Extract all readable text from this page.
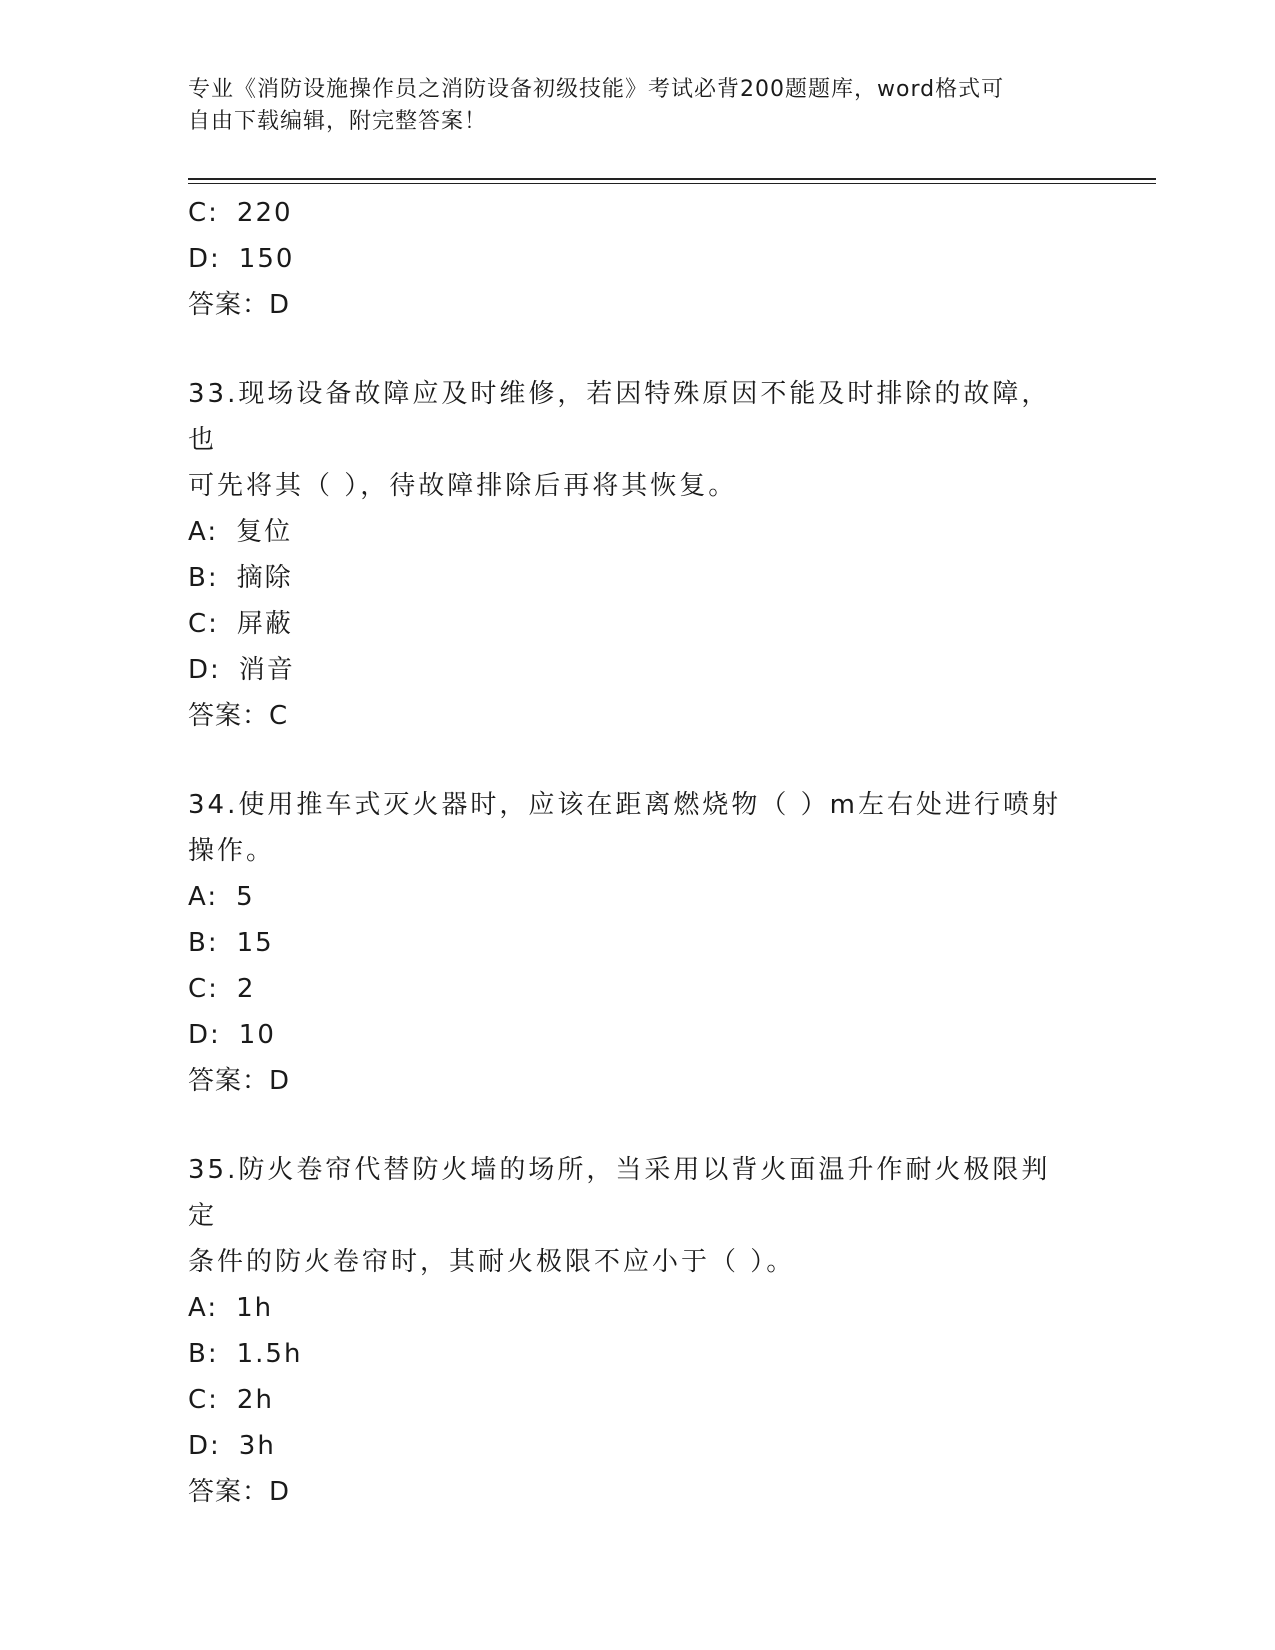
专业《消防设施操作员之消防设备初级技能》考试必背200题题库，word格式可
自由下载编辑，附完整答案！
C: 220
D: 150
答案：D
33.现场设备故障应及时维修，若因特殊原因不能及时排除的故障，也
可先将其（ ），待故障排除后再将其恢复。
A: 复位
B: 摘除
C: 屏蔽
D: 消音
答案：C
34.使用推车式灭火器时，应该在距离燃烧物（ ）m左右处进行喷射
操作。
A: 5
B: 15
C: 2
D: 10
答案：D
35.防火卷帘代替防火墙的场所，当采用以背火面温升作耐火极限判定
条件的防火卷帘时，其耐火极限不应小于（ ）。
A: 1h
B: 1.5h
C: 2h
D: 3h
答案：D
